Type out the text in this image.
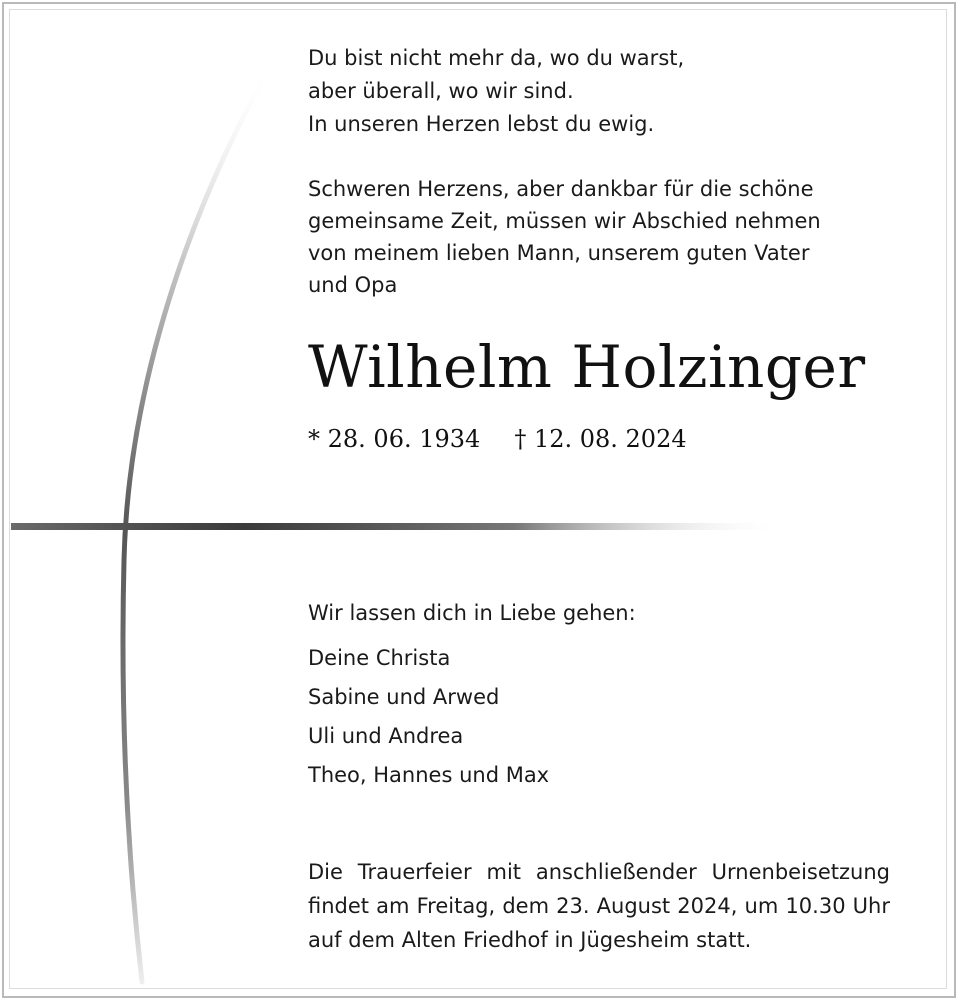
Du bist nicht mehr da, wo du warst,
aber überall, wo wir sind.
In unseren Herzen lebst du ewig.
Schweren Herzens, aber dankbar für die schöne
gemeinsame Zeit, müssen wir Abschied nehmen
von meinem lieben Mann, unserem guten Vater
und Opa
Wilhelm Holzinger
* 28. 06. 1934 † 12. 08. 2024
Wir lassen dich in Liebe gehen:
Deine Christa
Sabine und Arwed
Uli und Andrea
Theo, Hannes und Max
Die Trauerfeier mit anschließender Urnenbeisetzung
findet am Freitag, dem 23. August 2024, um 10.30 Uhr
auf dem Alten Friedhof in Jügesheim statt.
